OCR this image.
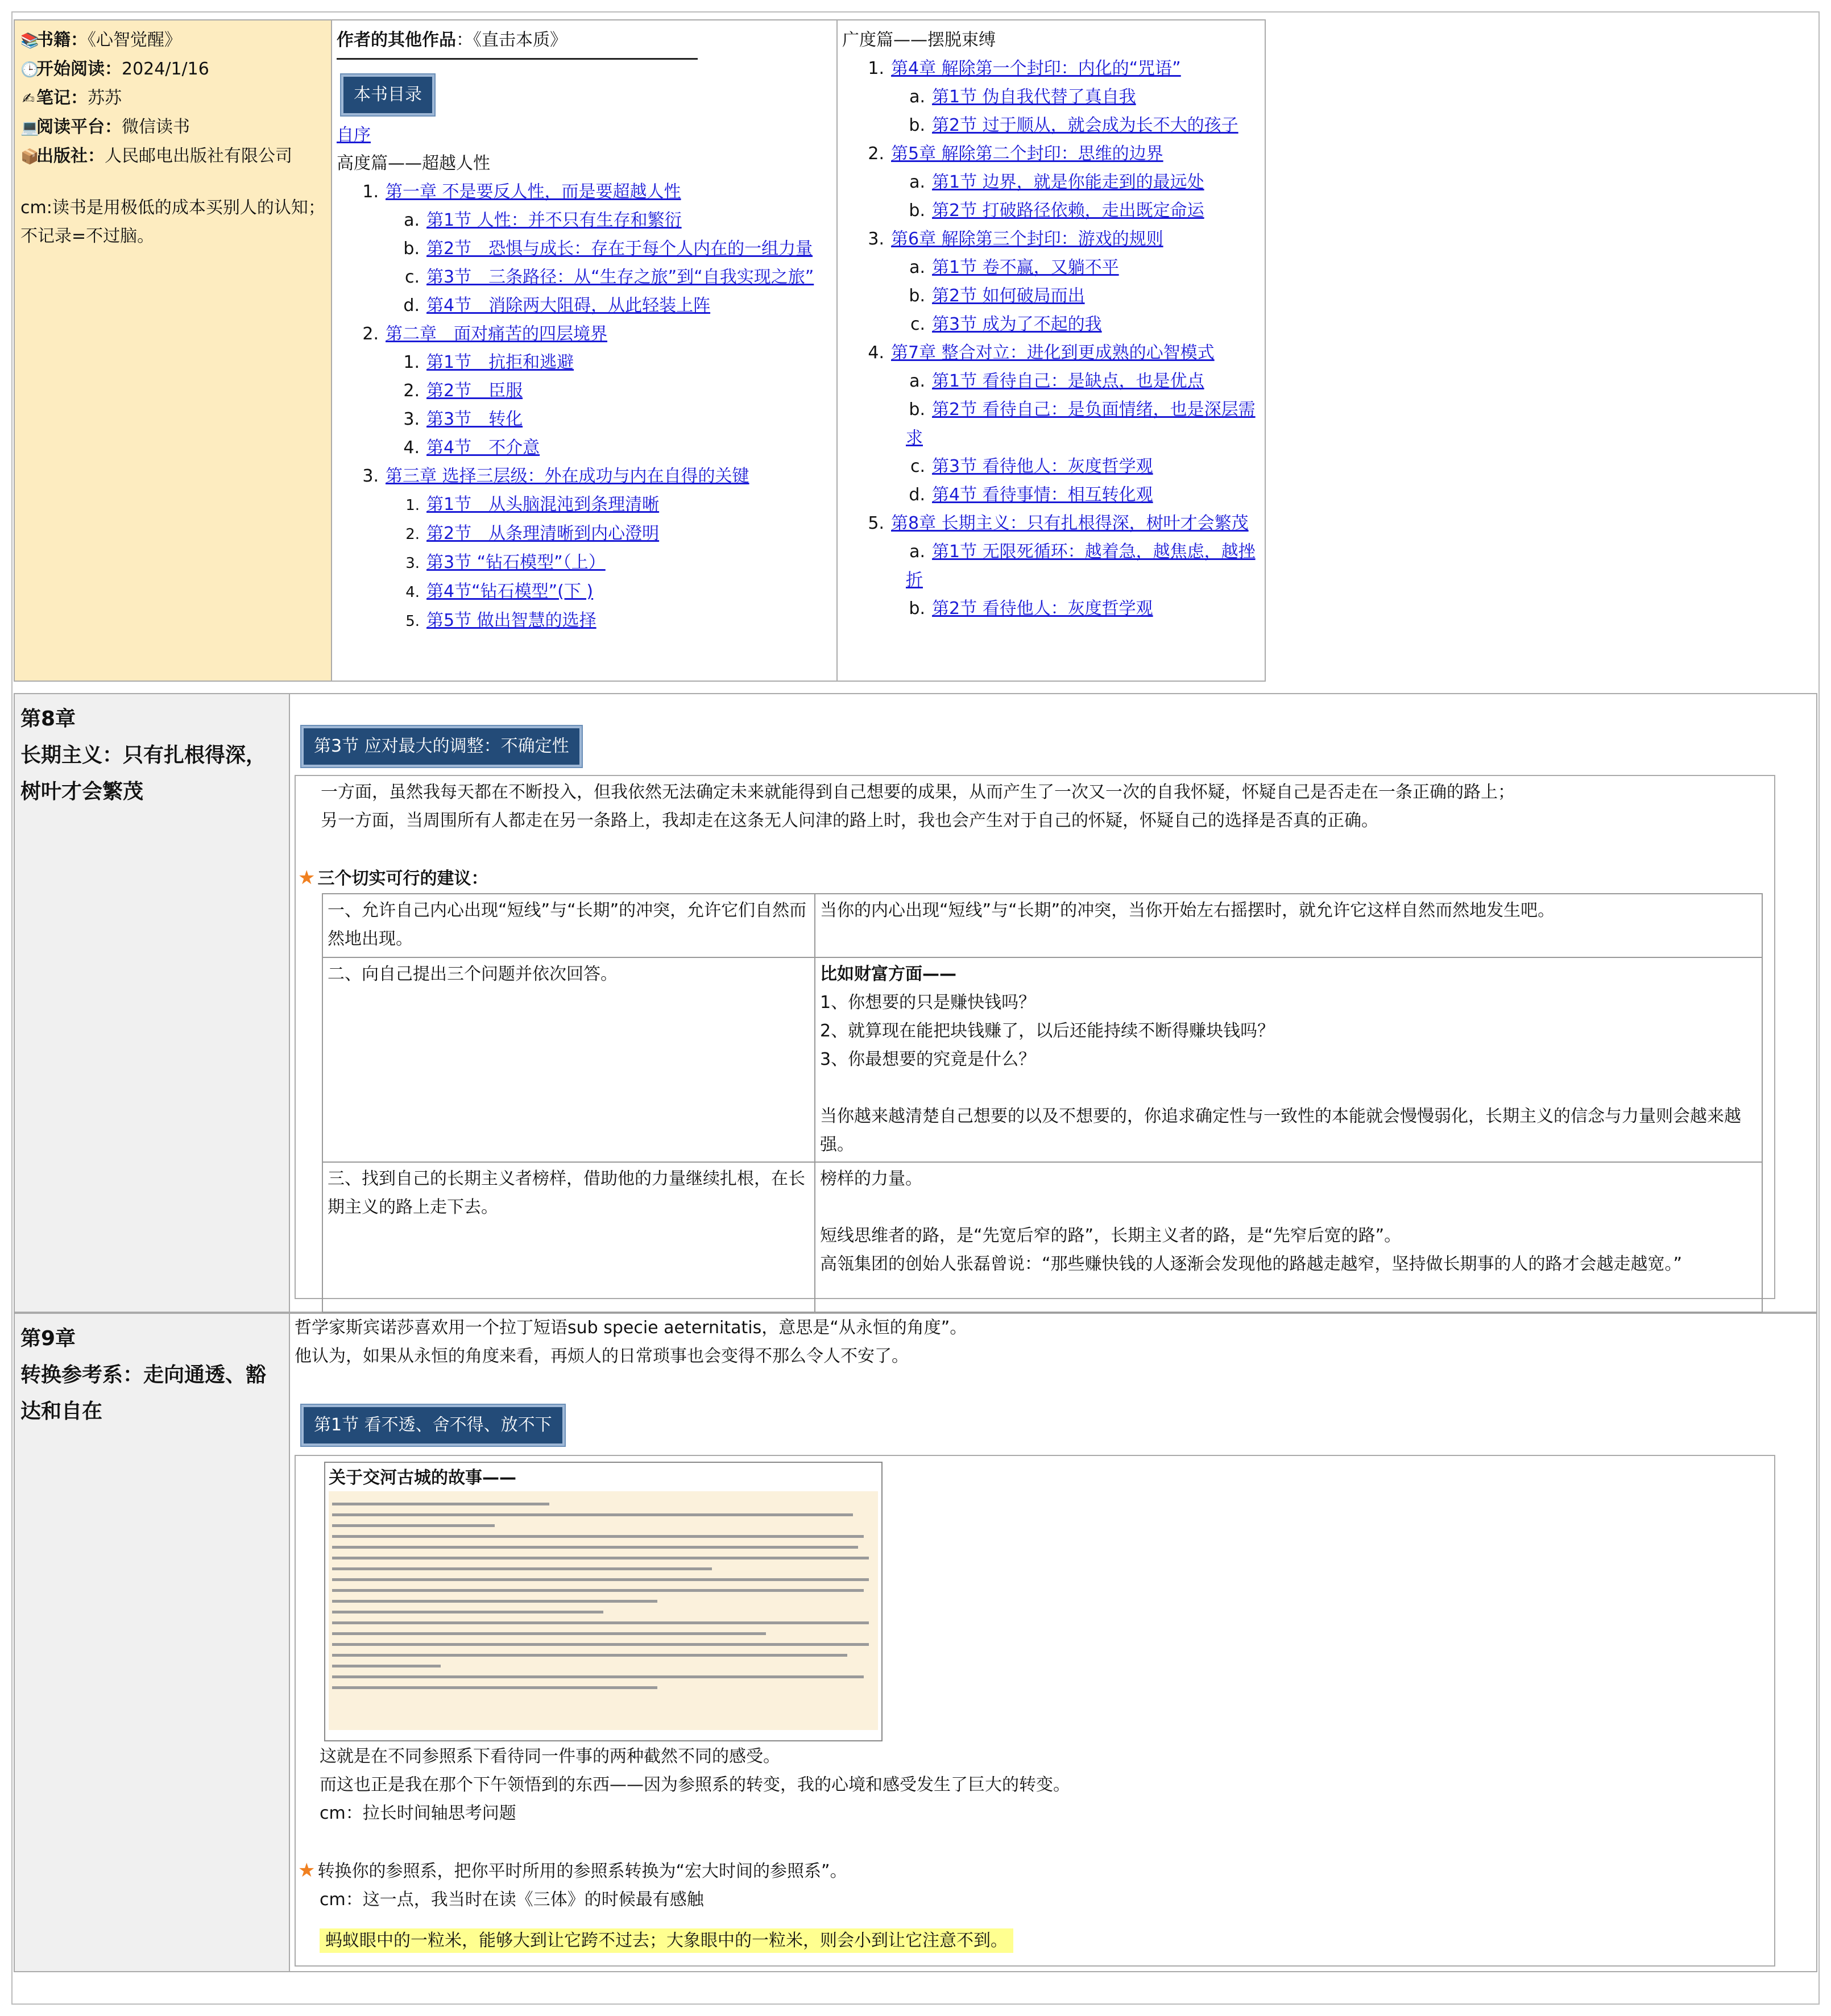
📚书籍：《心智觉醒》
🕒开始阅读：2024/1/16
✍ 笔记：苏苏
💻阅读平台：微信读书
📦出版社：人民邮电出版社有限公司
cm:读书是用极低的成本买别人的认知；不记录=不过脑。
作者的其他作品：《直击本质》
本书目录
自序
高度篇——超越人性
1. 第一章 不是要反人性，而是要超越人性
a. 第1节 人性：并不只有生存和繁衍
b. 第2节　恐惧与成长：存在于每个人内在的一组力量
c. 第3节　三条路径：从“生存之旅”到“自我实现之旅”
d. 第4节　消除两大阻碍，从此轻装上阵
2. 第二章　面对痛苦的四层境界
1. 第1节　抗拒和逃避
2. 第2节　臣服
3. 第3节　转化
4. 第4节　不介意
3. 第三章 选择三层级：外在成功与内在自得的关键
1. 第1节　从头脑混沌到条理清晰
2. 第2节　从条理清晰到内心澄明
3. 第3节 “钻石模型”（上）
4. 第4节“钻石模型”(下 )
5. 第5节 做出智慧的选择
广度篇——摆脱束缚
1. 第4章 解除第一个封印：内化的“咒语”
a. 第1节 伪自我代替了真自我
b. 第2节 过于顺从，就会成为长不大的孩子
2. 第5章 解除第二个封印：思维的边界
a. 第1节 边界，就是你能走到的最远处
b. 第2节 打破路径依赖，走出既定命运
3. 第6章 解除第三个封印：游戏的规则
a. 第1节 卷不赢，又躺不平
b. 第2节 如何破局而出
c. 第3节 成为了不起的我
4. 第7章 整合对立：进化到更成熟的心智模式
a. 第1节 看待自己：是缺点，也是优点
b. 第2节 看待自己：是负面情绪，也是深层需求
c. 第3节 看待他人：灰度哲学观
d. 第4节 看待事情：相互转化观
5. 第8章 长期主义：只有扎根得深，树叶才会繁茂
a. 第1节 无限死循环：越着急，越焦虑，越挫折
b. 第2节 看待他人：灰度哲学观
第8章
长期主义：只有扎根得深，树叶才会繁茂
第3节 应对最大的调整：不确定性
一方面，虽然我每天都在不断投入，但我依然无法确定未来就能得到自己想要的成果，从而产生了一次又一次的自我怀疑，怀疑自己是否走在一条正确的路上；
另一方面，当周围所有人都走在另一条路上，我却走在这条无人问津的路上时，我也会产生对于自己的怀疑，怀疑自己的选择是否真的正确。
★ 三个切实可行的建议：
一、允许自己内心出现“短线”与“长期”的冲突，允许它们自然而然地出现。	当你的内心出现“短线”与“长期”的冲突，当你开始左右摇摆时，就允许它这样自然而然地发生吧。

二、向自己提出三个问题并依次回答。	比如财富方面——
1、你想要的只是赚快钱吗？
2、就算现在能把块钱赚了，以后还能持续不断得赚块钱吗？
3、你最想要的究竟是什么？
当你越来越清楚自己想要的以及不想要的，你追求确定性与一致性的本能就会慢慢弱化，长期主义的信念与力量则会越来越强。

三、找到自己的长期主义者榜样，借助他的力量继续扎根，在长期主义的路上走下去。	榜样的力量。
短线思维者的路，是“先宽后窄的路”，长期主义者的路，是“先窄后宽的路”。
高瓴集团的创始人张磊曾说：“那些赚快钱的人逐渐会发现他的路越走越窄，坚持做长期事的人的路才会越走越宽。”
第9章
转换参考系：走向通透、豁达和自在
哲学家斯宾诺莎喜欢用一个拉丁短语sub specie aeternitatis，意思是“从永恒的角度”。
他认为，如果从永恒的角度来看，再烦人的日常琐事也会变得不那么令人不安了。
第1节 看不透、舍不得、放不下
关于交河古城的故事——
这就是在不同参照系下看待同一件事的两种截然不同的感受。
而这也正是我在那个下午领悟到的东西——因为参照系的转变，我的心境和感受发生了巨大的转变。
cm：拉长时间轴思考问题
★ 转换你的参照系，把你平时所用的参照系转换为“宏大时间的参照系”。
cm：这一点，我当时在读《三体》的时候最有感触
蚂蚁眼中的一粒米，能够大到让它跨不过去；大象眼中的一粒米，则会小到让它注意不到。
